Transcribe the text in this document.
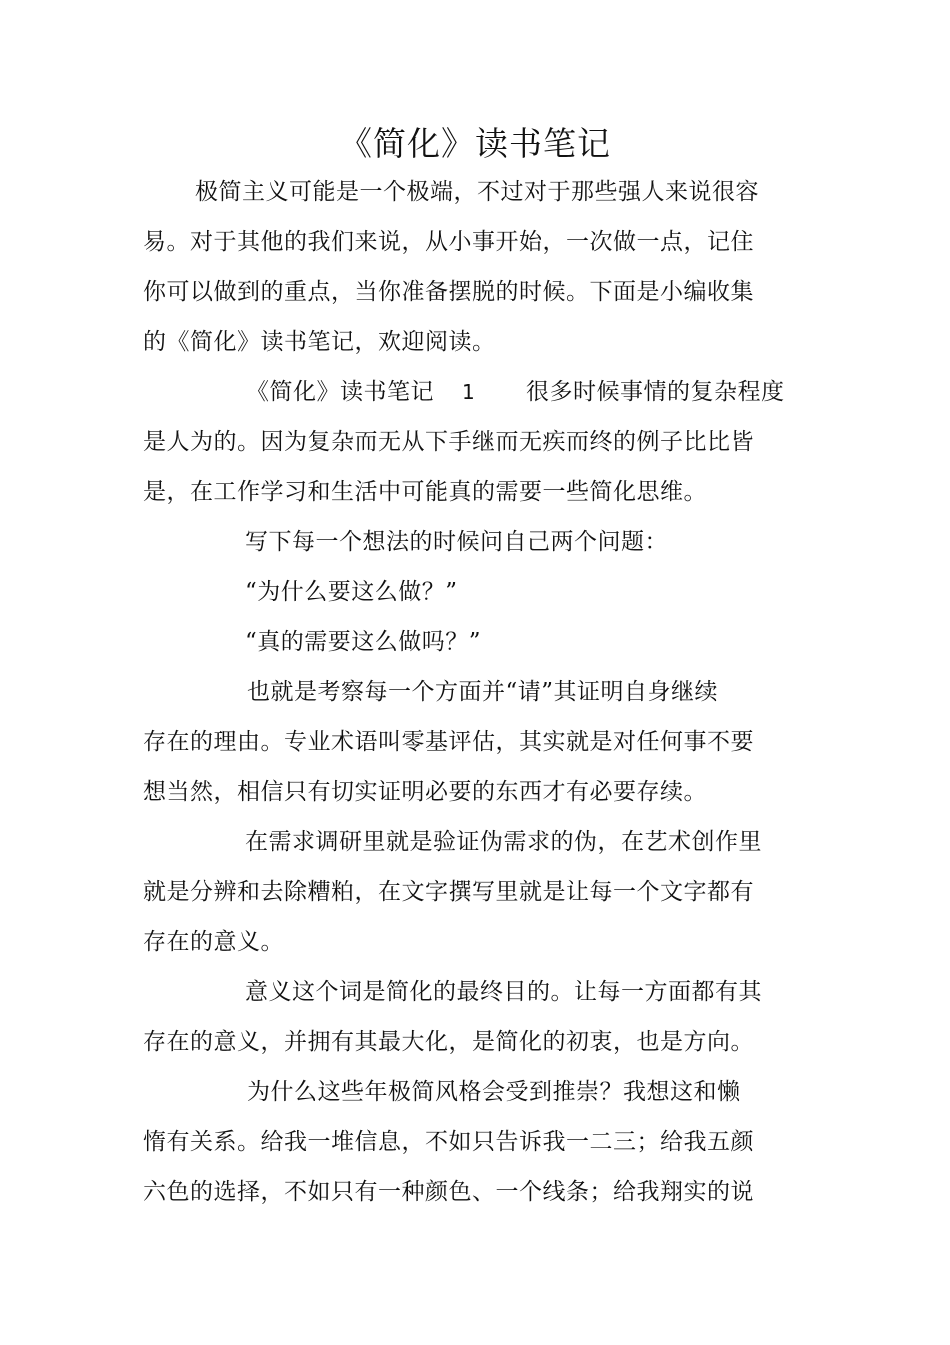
《简化》读书笔记
极简主义可能是一个极端，不过对于那些强人来说很容
易。对于其他的我们来说，从小事开始，一次做一点，记住
你可以做到的重点，当你准备摆脱的时候。下面是小编收集
的《简化》读书笔记，欢迎阅读。
《简化》读书笔记 1 很多时候事情的复杂程度
是人为的。因为复杂而无从下手继而无疾而终的例子比比皆
是，在工作学习和生活中可能真的需要一些简化思维。
写下每一个想法的时候问自己两个问题：
“为什么要这么做？”
“真的需要这么做吗？”
也就是考察每一个方面并“请”其证明自身继续
存在的理由。专业术语叫零基评估，其实就是对任何事不要
想当然，相信只有切实证明必要的东西才有必要存续。
在需求调研里就是验证伪需求的伪，在艺术创作里
就是分辨和去除糟粕，在文字撰写里就是让每一个文字都有
存在的意义。
意义这个词是简化的最终目的。让每一方面都有其
存在的意义，并拥有其最大化，是简化的初衷，也是方向。
为什么这些年极简风格会受到推崇？我想这和懒
惰有关系。给我一堆信息，不如只告诉我一二三；给我五颜
六色的选择，不如只有一种颜色、一个线条；给我翔实的说
